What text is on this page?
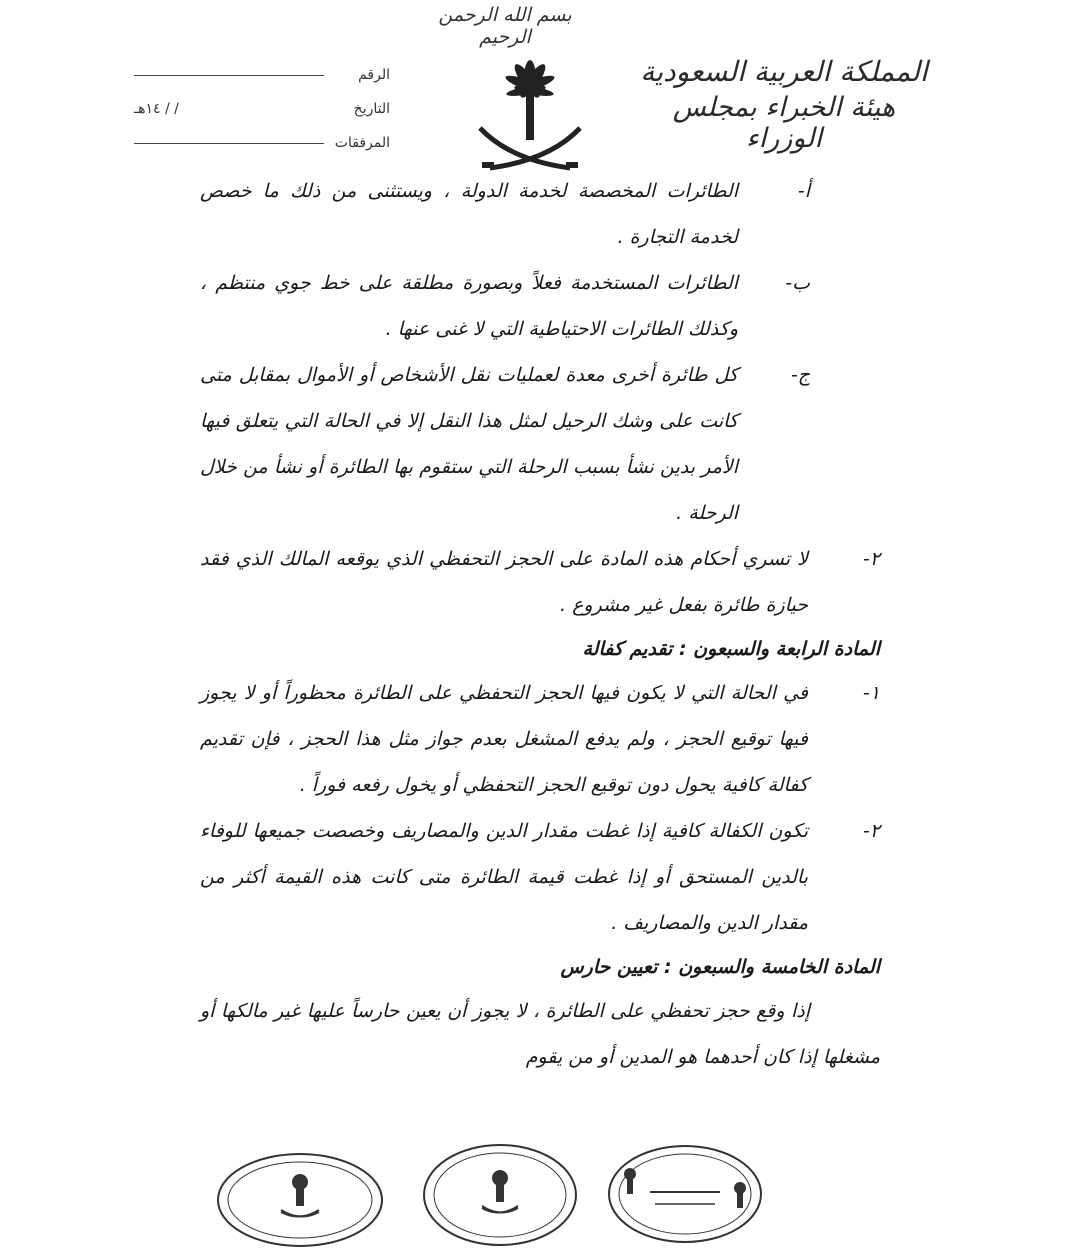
بسم الله الرحمن الرحيم
المملكة العربية السعودية
هيئة الخبراء بمجلس الوزراء
الرقم
التاريخ
/ / ١٤هـ
المرفقات
أ-
الطائرات المخصصة لخدمة الدولة ، ويستثنى من ذلك ما خصص لخدمة التجارة .
ب-
الطائرات المستخدمة فعلاً وبصورة مطلقة على خط جوي منتظم ، وكذلك الطائرات الاحتياطية التي لا غنى عنها .
ج-
كل طائرة أخرى معدة لعمليات نقل الأشخاص أو الأموال بمقابل متى كانت على وشك الرحيل لمثل هذا النقل إلا في الحالة التي يتعلق فيها الأمر بدين نشأ بسبب الرحلة التي ستقوم بها الطائرة أو نشأ من خلال الرحلة .
٢-
لا تسري أحكام هذه المادة على الحجز التحفظي الذي يوقعه المالك الذي فقد حيازة طائرة بفعل غير مشروع .
المادة الرابعة والسبعون : تقديم كفالة
١-
في الحالة التي لا يكون فيها الحجز التحفظي على الطائرة محظوراً أو لا يجوز فيها توقيع الحجز ، ولم يدفع المشغل بعدم جواز مثل هذا الحجز ، فإن تقديم كفالة كافية يحول دون توقيع الحجز التحفظي أو يخول رفعه فوراً .
٢-
تكون الكفالة كافية إذا غطت مقدار الدين والمصاريف وخصصت جميعها للوفاء بالدين المستحق أو إذا غطت قيمة الطائرة متى كانت هذه القيمة أكثر من مقدار الدين والمصاريف .
المادة الخامسة والسبعون : تعيين حارس
إذا وقع حجز تحفظي على الطائرة ، لا يجوز أن يعين حارساً عليها غير مالكها أو مشغلها إذا كان أحدهما هو المدين أو من يقوم
